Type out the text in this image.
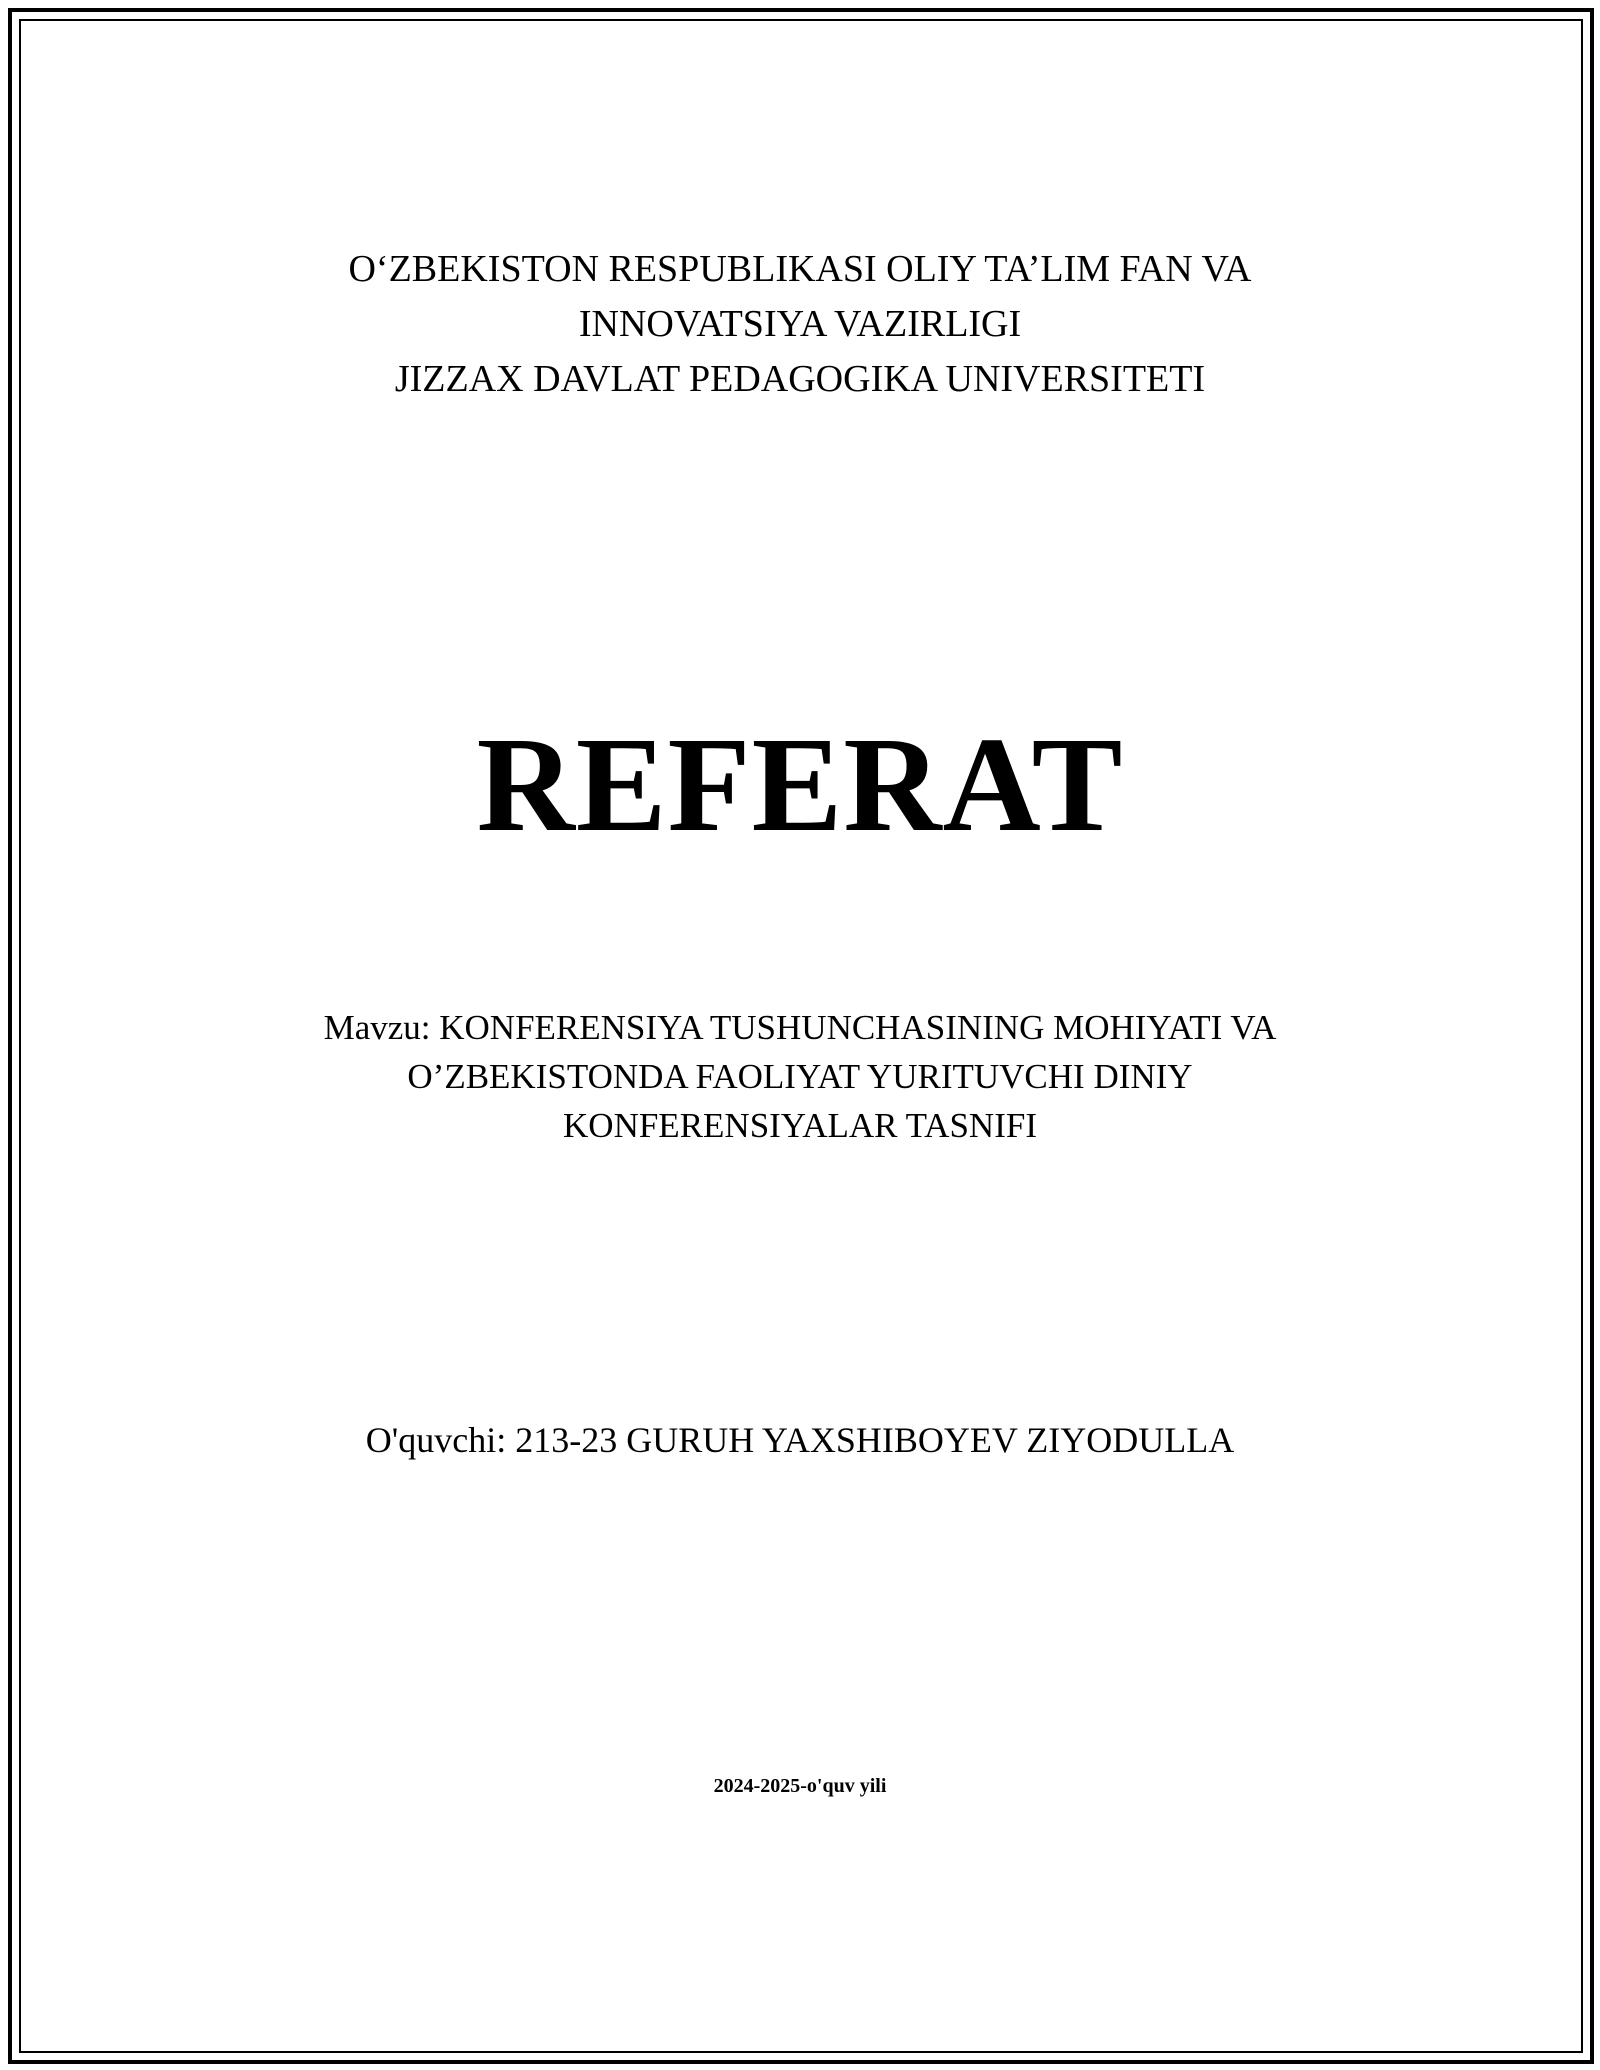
O‘ZBEKISTON RESPUBLIKASI OLIY TA’LIM FAN VA
INNOVATSIYA VAZIRLIGI
JIZZAX DAVLAT PEDAGOGIKA UNIVERSITETI
REFERAT
Mavzu: KONFERENSIYA TUSHUNCHASINING MOHIYATI VA
O’ZBEKISTONDA FAOLIYAT YURITUVCHI DINIY
KONFERENSIYALAR TASNIFI
O'quvchi: 213-23 GURUH YAXSHIBOYEV ZIYODULLA
2024-2025-o'quv yili
